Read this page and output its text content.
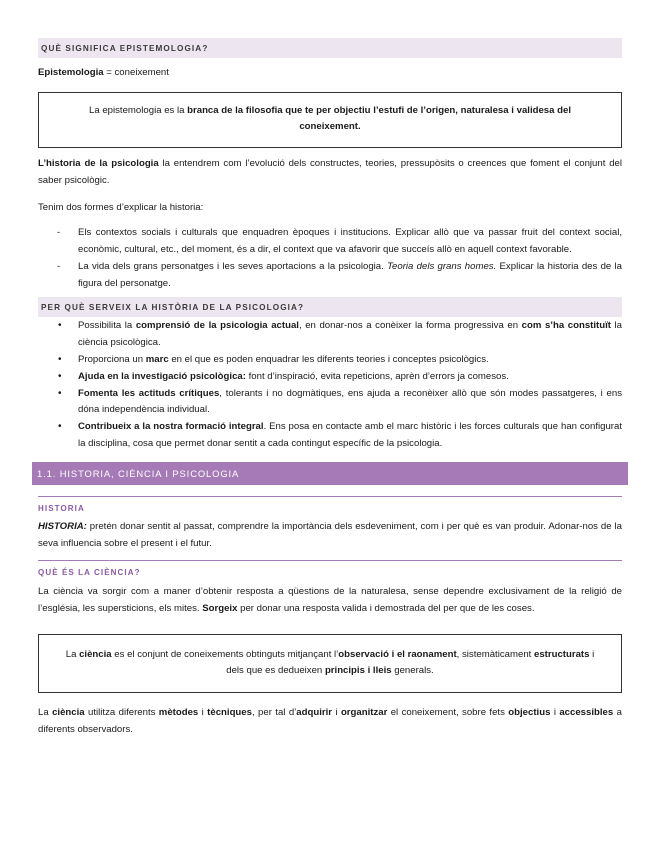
QUÈ SIGNIFICA EPISTEMOLOGIA?

Epistemologia = coneixement

La epistemologia es la branca de la filosofia que te per objectiu l’estufi de l’origen, naturalesa i validesa del coneixement.

L’historia de la psicologia la entendrem com l’evolució dels constructes, teories, pressupòsits o creences que foment el conjunt del saber psicològic.

Tenim dos formes d’explicar la historia:

- Els contextos socials i culturals que enquadren èpoques i institucions. Explicar allò que va passar fruit del context social, econòmic, cultural, etc., del moment, és a dir, el context que va afavorir que succeís allò en aquell context favorable.
- La vida dels grans personatges i les seves aportacions a la psicologia. Teoria dels grans homes. Explicar la historia des de la figura del personatge.
PER QUÈ SERVEIX LA HISTÒRIA DE LA PSICOLOGIA?
• Possibilita la comprensió de la psicologia actual, en donar-nos a conèixer la forma progressiva en com s’ha constituït la ciència psicològica.
• Proporciona un marc en el que es poden enquadrar les diferents teories i conceptes psicològics.
• Ajuda en la investigació psicològica: font d’inspiració, evita repeticions, aprèn d’errors ja comesos.
• Fomenta les actituds crítiques, tolerants i no dogmàtiques, ens ajuda a reconèixer allò que són modes passatgeres, i ens dóna independència individual.
• Contribueix a la nostra formació integral. Ens posa en contacte amb el marc històric i les forces culturals que han configurat la disciplina, cosa que permet donar sentit a cada contingut específic de la psicologia.
1.1. HISTORIA, CIÈNCIA I PSICOLOGIA
HISTORIA

HISTORIA: pretén donar sentit al passat, comprendre la importància dels esdeveniment, com i per què es van produir. Adonar-nos de la seva influencia sobre el present i el futur.

QUÈ ÉS LA CIÈNCIA?

La ciència va sorgir com a maner d’obtenir resposta a qüestions de la naturalesa, sense dependre exclusivament de la religió de l’església, les supersticions, els mites. Sorgeix per donar una resposta valida i demostrada del per que de les coses.

La ciència es el conjunt de coneixements obtinguts mitjançant l’observació i el raonament, sistemàticament estructurats i dels que es dedueixen principis i lleis generals.

La ciència utilitza diferents mètodes i tècniques, per tal d’adquirir i organitzar el coneixement, sobre fets objectius i accessibles a diferents observadors.
